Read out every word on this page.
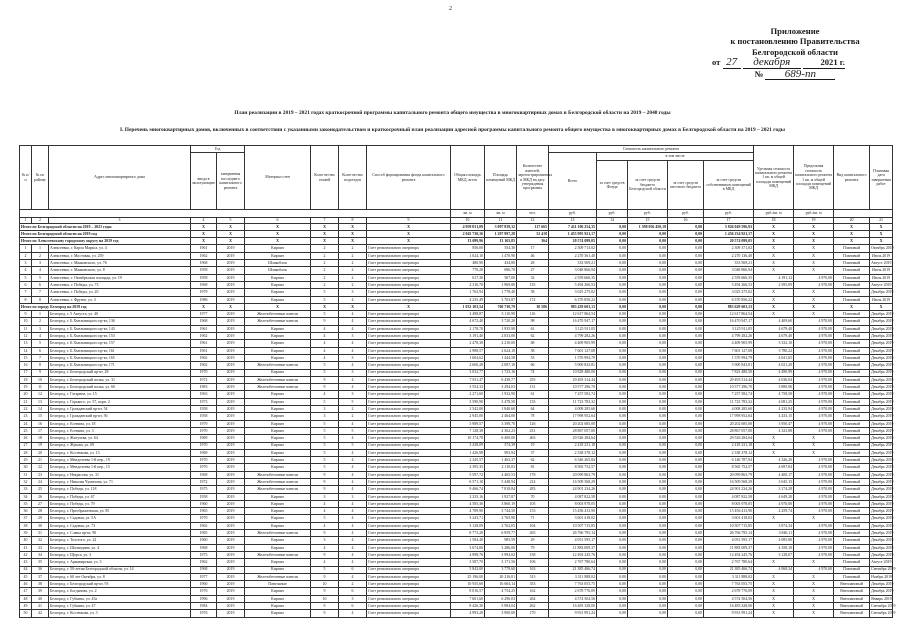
2
Приложение
к постановлению Правительства
Белгородской области
от 27 декабря	2021 г.
№ 689-пп
План реализации в 2019 – 2021 годах краткосрочной программы капитального ремонта общего имущества в многоквартирных домах в Белгородской области на 2019 – 2048 годы
I. Перечень многоквартирных домов, включенных в соответствии с указанными законодательством и краткосрочный план реализации адресной программы капитального ремонта общего имущества в многоквартирных домах в Белгородской области на 2019 – 2021 годы
№ п/п	№ по району	Адрес многоквартирного дома	Год		Материал стен	Коли-чество этажей	Коли-чество подъездов	Способ формирования фонда капитального ремонта	Общая площадь МКД, всего	Площадь помещений МКД	Количество жителей, зарегистрированных в МКД на дату утверждения программы	Стоимость капитального ремонта					Удельная стоимость капитального ремонта 1 кв. м общей площади помещений МКД	Предельная стоимость капитального ремонта 1 кв. м общей площади помещений МКД	Вид капитального ремонта	Плановая дата завершения работ
			ввода в эксплуатацию	завершения последнего капитального ремонта								Всего	в том числе							
													за счет средств Фонда	за счет средств бюджета Белгородской области	за счет средств местного бюджета	за счет средств собственников помещений в МКД				
									кв. м	кв. м	чел.	руб.	руб.	руб.	руб.	руб.	руб./кв. м	руб./кв. м		
1	2	3	4	5	6	7	8	9	10	11	12	13	14	15	16	17	18	19	20	21
Итого по Белгородской области на 2019 – 2021 годы			X	X	X	X	X	X	4 959 031,09	3 097 839,32	117 665	7 411 106 254,35	0,00	1 598 056 450,18	0,00	5 826 049 596,93	X	X	X	X
Итого по Белгородской области на 2019 год			X	X	X	X	X	X	2 045 730,16	1 297 997,28	52 418	1 455 995 921,17	0,00	0,00	0,00	1 456 234 921,17	X	X	X	X
Итого по Алексеевскому городскому округу на 2019 год			X	X	X	X	X	X	13 699,96	13 165,85	364	20 574 099,05	0,00	0,00	0,00	20 574 099,05	X	X	X	X
1	1	Алексеевка, г. Карла Маркса, ул. 4	1961	2019	Кирпич	2	2	Счет регионального оператора	856,00	554,30	17	2 309 713,02	0,00	0,00	0,00	2 309 371,02	X	X	Плановый	Октябрь 2019
2	2	Алексеевка, г. Мостовая, ул. 259	1962	2019	Кирпич	2	2	Счет регионального оператора	1 024,10	1 470,90	46	2 270 361,40	0,00	0,00	0,00	2 270 136,40	X	X	Плановый	Июль 2019
3	3	Алексеевка, г. Маяковского, ул. 76	1968	2019	Шлакоблок	2	2	Счет регионального оператора	480,90	434,80	28	333 569,21	0,00	0,00	0,00	333 569,21	X	X	Плановый	Август 2019
4	4	Алексеевка, г. Маяковского, ул. 8	1958	2019	Шлакоблок	2	2	Счет регионального оператора	770,20	696,70	27	3 048 866,94	0,00	0,00	0,00	3 048 866,94	X	X	Плановый	Июль 2019
5	5	Алексеевка, г. Октябрьская площадь, ул. 19	1958	2019	Кирпич	2	2	Счет регионального оператора	617,30	567,00	32	2 559 666,35	0,00	0,00	0,00	2 559 666,35	4 191,12	4 970,00	Плановый	Июль 2019
6	6	Алексеевка, г. Победы, ул. 73	1968	2019	Кирпич	2	2	Счет регионального оператора	2 316,70	1 969,80	135	5 494 266,53	0,00	0,00	0,00	5 494 266,53	2 595,09	4 970,00	Плановый	Август 2019
7	7	Алексеевка, г. Победы, ул. 20	1979	2019	Кирпич	5	3	Счет регионального оператора	1 763,94	1 778,40	58	3 025 275,02	0,00	0,00	0,00	3 025 275,02	X	X	Плановый	Декабрь 2019
8	8	Алексеевка, г. Фрунзе, ул. 3	1986	2019	Кирпич	5	4	Счет регионального оператора	4 235,49	3 703,87	172	6 370 856,22	0,00	0,00	0,00	6 370 856,22	X	X	Плановый	Июль 2019
Итого по городу Белгород на 2019 год			X	X	X	X	X	X	1 032 103,54	760 730,79	30 586	983 439 603,13	0,00	0,00	0,00	883 629 603,13	X	X	X	X
9	1	Белгород, г. 5 Августа, ул. 40	1977	2019	Железобетонные панели	5	4	Счет регионального оператора	3 498,87	3 110,99	116	12 617 864,54	0,00	0,00	0,00	12 617 864,54	X	X	Плановый	Декабрь 2019
10	2	Белгород, г. Б.Хмельницкого пр-кт, 136	1968	2019	Железобетонные панели	9	4	Счет регионального оператора	4 672,40	3 720,20	98	16 470 947,17	0,00	0,00	0,00	16 470 947,17	4 409,60	4 970,00	Плановый	Декабрь 2019
11	3	Белгород, г. Б.Хмельницкого пр-кт, 143	1961	2019	Кирпич	4	4	Счет регионального оператора	2 178,70	1 935,90	61	3 125 911,05	0,00	0,00	0,00	3 125 911,05	4 679,40	4 970,00	Плановый	Декабрь 2019
12	4	Белгород, г. Б.Хмельницкого пр-кт, 153	1962	2019	Кирпич	4	3	Счет регионального оператора	3 191,40	2 833,00	62	4 799 282,26	0,00	0,00	0,00	4 799 282,26	4 679,40	4 970,00	Плановый	Декабрь 2019
13	5	Белгород, г. Б.Хмельницкого пр-кт, 157	1961	2019	Кирпич	4	4	Счет регионального оператора	2 478,30	2 210,00	68	4 409 905,99	0,00	0,00	0,00	4 409 905,99	3 332,10	4 970,00	Плановый	Декабрь 2019
14	6	Белгород, г. Б.Хмельницкого пр-кт, 161	1961	2019	Кирпич	4	4	Счет регионального оператора	2 988,57	2 624,10	58	7 601 127,08	0,00	0,00	0,00	7 601 127,08	3 780,22	4 970,00	Плановый	Декабрь 2019
15	7	Белгород, г. Б.Хмельницкого пр-кт, 165	1962	2019	Кирпич	4	3	Счет регионального оператора	1 604,62	1 444,58	53	1 570 994,79	0,00	0,00	0,00	1 570 994,79	4 041,65	4 970,00	Плановый	Декабрь 2019
16	8	Белгород, г. Б.Хмельницкого пр-кт, 171	1962	2019	Железобетонные панели	5	4	Счет регионального оператора	2 606,20	2 087,10	66	5 900 843,81	0,00	0,00	0,00	5 900 843,81	4 021,20	4 970,00	Плановый	Декабрь 2019
17	9	Белгород, г. Белгородский пр-кт, 28	1970	2019	Кирпич	5	3	Счет регионального оператора	3 032,77	1 723,16	74	10 828 480,00	0,00	0,00	0,00	7 823 480,50	4 490,99	4 970,00	Плановый	Декабрь 2019
18	10	Белгород, г. Белгородский полка, ул. 31	1972	2019	Железобетонные панели	9	4	Счет регионального оператора	7 811,47	6 438,77	255	29 493 314,44	0,00	0,00	0,00	29 493 314,44	4 036,04	4 970,00	Плановый	Декабрь 2019
19	11	Белгород, г. Белгородский полка, ул. 60	1983	2019	Железобетонные панели	9	4	Счет регионального оператора	3 554,33	3 294,03	131	10 577 296,70	0,00	0,00	0,00	10 577 296,70	3 880,96	4 970,00	Плановый	Декабрь 2019
20	12	Белгород, г. Гагарина, ул. 15	1963	2019	Кирпич	4	3	Счет регионального оператора	2 271,60	1 932,90	61	7 257 582,74	0,00	0,00	0,00	7 257 582,74	4 758,50	4 970,00	Плановый	Декабрь 2019
21	13	Белгород, г. Горького, ул. 57, корп. 2	1973	2019	Кирпич	5	5	Счет регионального оператора	3 590,90	3 478,50	135	11 723 783,32	0,00	0,00	0,00	11 723 783,32	4 081,25	4 970,00	Плановый	Декабрь 2019
22	14	Белгород, г. Гражданский пр-кт, 54	1958	2019	Кирпич	3	2	Счет регионального оператора	2 542,00	1 840,60	64	4 008 285,60	0,00	0,00	0,00	4 008 285,60	4 235,94	4 970,00	Плановый	Декабрь 2019
23	15	Белгород, г. Гражданский пр-кт, 56	1958	2019	Кирпич	3	2	Счет регионального оператора	2 945,00	2 464,00	78	17 998 952,64	0,00	0,00	0,00	17 998 952,64	4 433,15	4 970,00	Плановый	Декабрь 2019
24	16	Белгород, г. Есенина, ул. 18	1979	2019	Кирпич	5	4	Счет регионального оператора	5 989,57	3 398,70	126	20 202 685,00	0,00	0,00	0,00	20 202 685,00	3 950,47	4 970,00	Плановый	Декабрь 2019
25	17	Белгород, г. Есенина, ул. 3	1970	2019	Кирпич	5	5	Счет регионального оператора	7 128,38	4 362,23	231	28 867 057,00	0,00	0,00	0,00	28 867 057,00	4 323,88	4 970,00	Плановый	Декабрь 2019
26	18	Белгород, г. Жигулева, ул. 64	1969	2019	Кирпич	5	4	Счет регионального оператора	10 174,78	6 400,00	463	29 526 284,64	0,00	0,00	0,00	29 526 284,64	X	X	Плановый	Декабрь 2019
27	19	Белгород, г. Жукова, ул. 69	1970	2019	Кирпич	5	5	Счет регионального оператора	3 438,09	574,39	19	2 418 231,18	0,00	0,00	0,00	2 418 231,18	X	X	Плановый	Декабрь 2019
28	20	Белгород, г. Костюкова, ул. 13	1969	2019	Кирпич	5	4	Счет регионального оператора	1 426,98	903,94	37	2 338 378,12	0,00	0,00	0,00	2 338 378,12	X	X	Плановый	Декабрь 2019
29	21	Белгород, г. Менделеева 1-й пер., 19	1970	2019	Кирпич	5	4	Счет регионального оператора	2 245,57	1 463,37	62	6 346 265,84	0,00	0,00	0,00	6 146 787,94	4 326,20	4 970,00	Плановый	Декабрь 2019
30	22	Белгород, г. Менделеева 1-й пер., 15	1970	2019	Кирпич	5	4	Счет регионального оператора	2 395,35	2 110,03	81	8 565 752,57	0,00	0,00	0,00	8 565 752,57	4 697,84	4 970,00	Плановый	Декабрь 2019
31	23	Белгород, г. Некрасова, ул. 31	1968	2019	Железобетонные панели	9	4	Счет регионального оператора	5 597,72	4 465,53	178	20 099 863,79	0,00	0,00	0,00	20 099 863,79	4 400,17	4 970,00	Плановый	Декабрь 2019
32	24	Белгород, г. Николая Чумичова, ул. 71	1972	2019	Железобетонные панели	9	4	Счет регионального оператора	6 571,10	5 448,94	214	16 509 568,29	0,00	0,00	0,00	16 509 568,29	3 045,15	4 970,00	Плановый	Декабрь 2019
33	25	Белгород, г. Победы, ул. 118	1975	2019	Железобетонные панели	9	4	Счет регионального оператора	9 466,74	7 818,84	283	24 901 234,26	0,00	0,00	0,00	24 901 234,26	3 174,28	4 970,00	Плановый	Декабрь 2019
34	26	Белгород, г. Победы, ул. 67	1958	2019	Кирпич	3	3	Счет регионального оператора	2 335,16	1 927,87	70	4 087 822,58	0,00	0,00	0,00	4 087 822,58	4 649,20	4 970,00	Плановый	Декабрь 2019
35	27	Белгород, г. Победы, ул. 79	1960	2019	Кирпич	4	4	Счет регионального оператора	4 585,30	3 860,19	105	8 003 978,05	0,00	0,00	0,00	8 003 978,05	4 970,00	4 970,00	Плановый	Декабрь 2019
36	28	Белгород, г. Преображенская, ул. 85	1965	2019	Кирпич	4	4	Счет регионального оператора	4 789,90	3 744,50	153	15 456 413,90	0,00	0,00	0,00	15 456 413,90	4 259,74	4 970,00	Плановый	Декабрь 2019
37	29	Белгород, г. Садовая, ул. 5А	1970	2019	Кирпич	5	4	Счет регионального оператора	3 243,71	2 765,90	71	3 601 418,02	0,00	0,00	0,00	3 601 418,02	X	X	Плановый	Декабрь 2019
38	30	Белгород, г. Садовая, ул. 73	1962	2019	Кирпич	4	4	Счет регионального оператора	3 128,09	2 762,05	104	10 507 715,85	0,00	0,00	0,00	10 507 715,85	3 874,34	4 970,00	Плановый	Декабрь 2019
39	31	Белгород, г. Славы пр-кт, 90	1965	2019	Железобетонные панели	9	4	Счет регионального оператора	8 773,20	6 959,77	265	26 766 795,14	0,00	0,00	0,00	26 766 795,14	3 846,11	4 970,00	Плановый	Декабрь 2019
40	32	Белгород, г. Толстого, ул. 22	1960	2019	Кирпич	3	4	Счет регионального оператора	1 584,40	985,59	29	4 051 595,17	0,00	0,00	0,00	4 051 595,17	4 085,80	4 970,00	Плановый	Декабрь 2019
41	33	Белгород, г. Шаландина, ул. 4	1968	2019	Кирпич	4	4	Счет регионального оператора	3 674,00	3 286,00	79	11 883 009,37	0,00	0,00	0,00	11 883 009,37	4 358,10	4 970,00	Плановый	Декабрь 2019
42	34	Белгород, г. Щорса, ул. 3	1975	2019	Железобетонные панели	9	4	Счет регионального оператора	4 998,76	3 994,02	158	12 494 245,76	0,00	0,00	0,00	12 494 245,76	3 128,07	4 970,00	Плановый	Декабрь 2019
43	35	Белгород, г. Армавирская, ул. 3	1962	2019	Кирпич	4	4	Счет регионального оператора	3 587,70	3 171,56	106	2 767 780,64	0,00	0,00	0,00	2 767 780,64	X	X	Плановый	Август 2019
44	36	Белгород, г. 50-летия Белгородской области, ул. 14	1968	2019	Кирпич	5	6	Счет регионального оператора	5 843,00	3 779,60	163	21 385 466,74	0,00	0,00	0,00	21 385 466,74	4 068,34	4 970,00	Плановый	Сентябрь 2019
45	37	Белгород, г. 60 лет Октября, ул. 8	1977	2019	Железобетонные панели	9	4	Счет регионального оператора	25 196,00	20 216,01	513	3 311 888,02	0,00	0,00	0,00	3 311 888,02	X	X	Плановый	Ноябрь 2019
46	38	Белгород, г. Белгородский пр-кт, 93	1960	2019	Панельные	10	2	Счет регионального оператора	10 935,60	16 604,14	353	7 763 055,75	0,00	0,00	0,00	7 763 055,75	X	X	Внеплановый	Декабрь 2019
47	39	Белгород, г. Богданова, ул. 2	1976	2019	Кирпич	9	6	Счет регионального оператора	8 016,57	4 754,25	162	2 678 776,09	0,00	0,00	0,00	2 678 776,09	X	X	Внеплановый	Декабрь 2019
48	40	Белгород, г. Губкина, ул. 45а	1996	2019	Кирпич	10	3	Счет регионального оператора	7 601,60	6 296,03	264	4 574 504,56	0,00	0,00	0,00	4 574 504,56	X	X	Внеплановый	Январь 2019
49	41	Белгород, г. Губкина, ул. 47	1984	2019	Кирпич	9	6	Счет регионального оператора	8 426,30	5 984,04	262	16 483 328,00	0,00	0,00	0,00	16 483 328,00	X	X	Внеплановый	Сентябрь 2019
50	42	Белгород, г. Костюкова, ул. 3	1976	2019	Кирпич	9	4	Счет регионального оператора	4 993,20	3 900,00	170	9 931 991,24	0,00	0,00	0,00	9 931 991,24	X	X	Внеплановый	Сентябрь 2019
